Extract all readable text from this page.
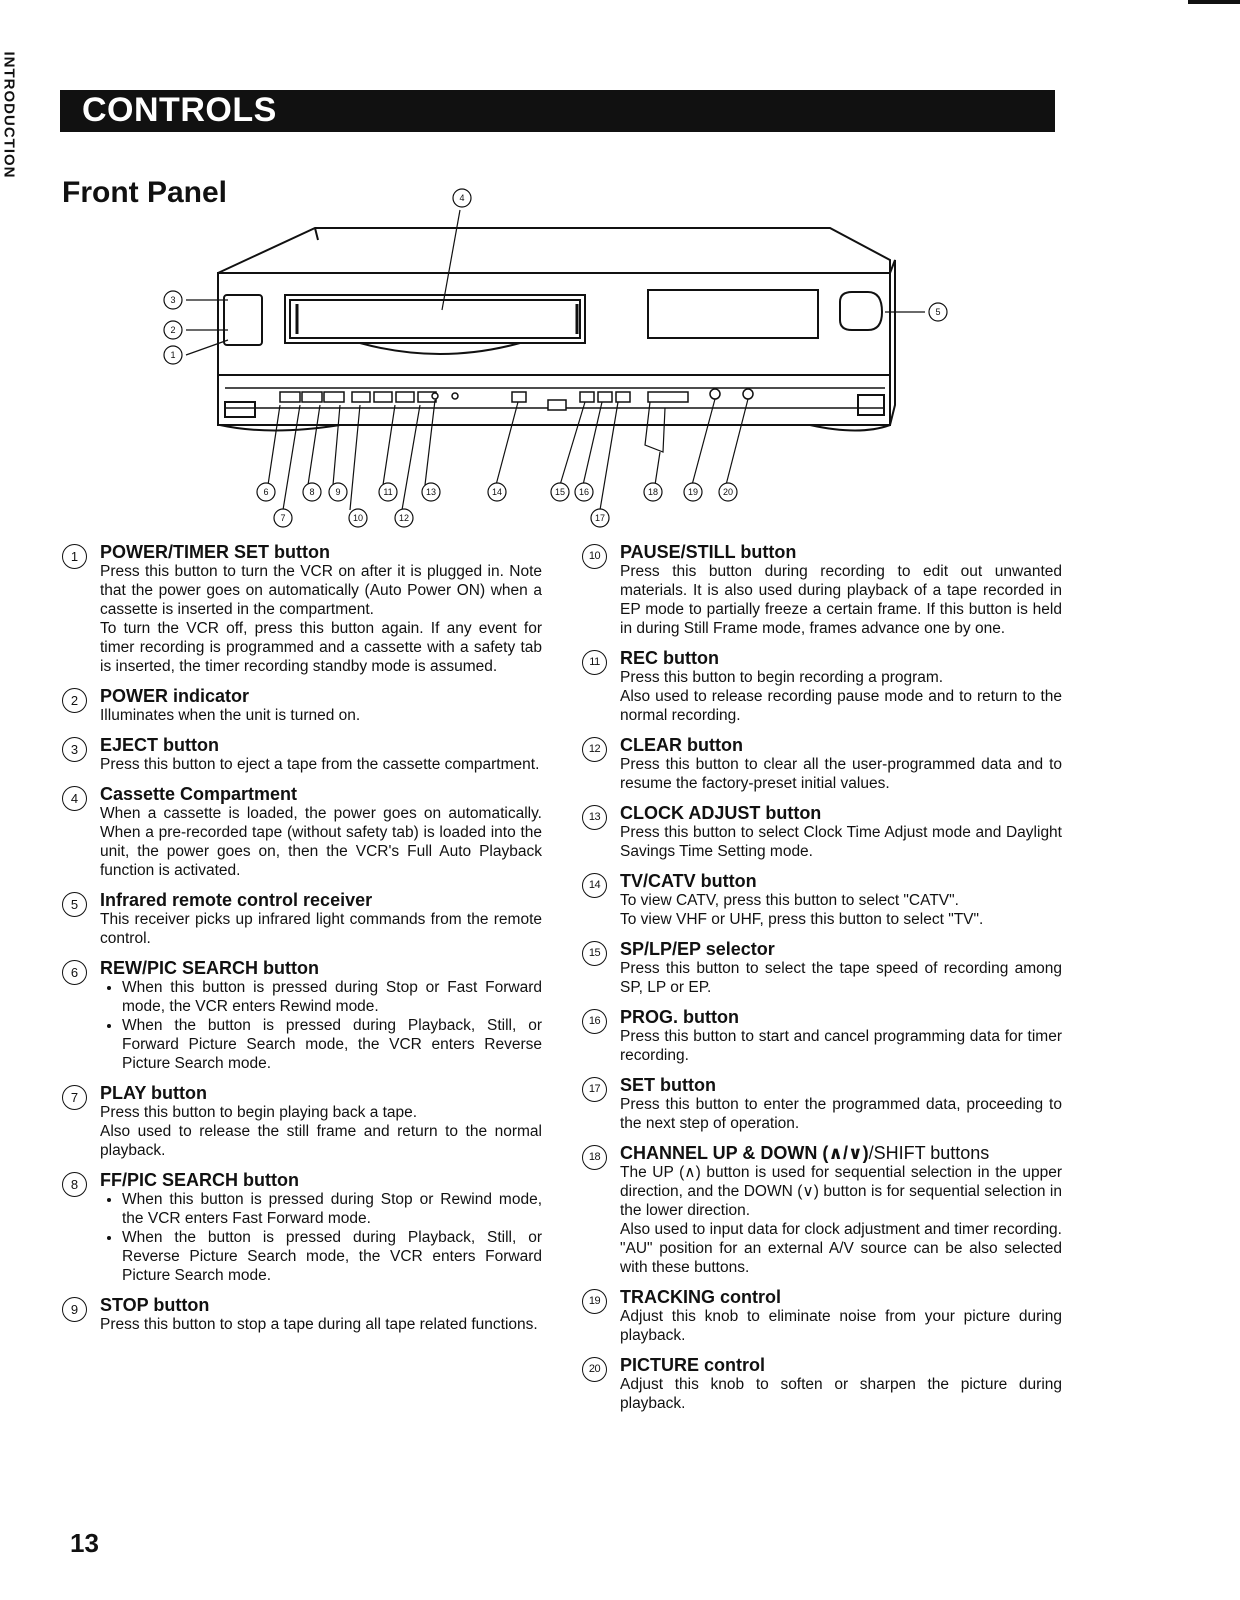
INTRODUCTION CONTROLS
Front Panel	4
3
2
1
5
6
7
8 9
10
11
12
13	14	15 16
17
18	19	20
1	POWER/TIMER SET button

Press this button to turn the VCR on after it is plugged in. Note that the power goes on automatically (Auto Power ON) when a cassette is inserted in the compartment.

To turn the VCR off, press this button again. If any event for timer recording is programmed and a cassette with a safety tab is inserted, the timer recording standby mode is assumed.

2	POWER indicator

Illuminates when the unit is turned on.

3	EJECT button

Press this button to eject a tape from the cassette compartment.

4	Cassette Compartment

When a cassette is loaded, the power goes on automatically. When a pre-recorded tape (without safety tab) is loaded into the unit, the power goes on, then the VCR's Full Auto Playback function is activated.

5	Infrared remote control receiver

This receiver picks up infrared light commands from the remote control.

6	REW/PIC SEARCH button
• When this button is pressed during Stop or Fast Forward mode, the VCR enters Rewind mode.
• When the button is pressed during Playback, Still, or Forward Picture Search mode, the VCR enters Reverse Picture Search mode.
7	PLAY button

Press this button to begin playing back a tape.

Also used to release the still frame and return to the normal playback.

8	FF/PIC SEARCH button
• When this button is pressed during Stop or Rewind mode, the VCR enters Fast Forward mode.
• When the button is pressed during Playback, Still, or Reverse Picture Search mode, the VCR enters Forward Picture Search mode.
9	STOP button

Press this button to stop a tape during all tape related functions.

10	PAUSE/STILL button

Press this button during recording to edit out unwanted materials. It is also used during playback of a tape recorded in EP mode to partially freeze a certain frame. If this button is held in during Still Frame mode, frames advance one by one.

11	REC button

Press this button to begin recording a program.

Also used to release recording pause mode and to return to the normal recording.

12	CLEAR button

Press this button to clear all the user-programmed data and to resume the factory-preset initial values.

13	CLOCK ADJUST button

Press this button to select Clock Time Adjust mode and Daylight Savings Time Setting mode.

14	TV/CATV button

To view CATV, press this button to select "CATV".

To view VHF or UHF, press this button to select "TV".

15	SP/LP/EP selector

Press this button to select the tape speed of recording among SP, LP or EP.

16	PROG. button

Press this button to start and cancel programming data for timer recording.

17	SET button

Press this button to enter the programmed data, proceeding to the next step of operation.

18	CHANNEL UP & DOWN (∧/∨)/SHIFT buttons

The UP (∧) button is used for sequential selection in the upper direction, and the DOWN (∨) button is for sequential selection in the lower direction.

Also used to input data for clock adjustment and timer recording.

"AU" position for an external A/V source can be also selected with these buttons.

19	TRACKING control

Adjust this knob to eliminate noise from your picture during playback.

20	PICTURE control

Adjust this knob to soften or sharpen the picture during playback.

13
